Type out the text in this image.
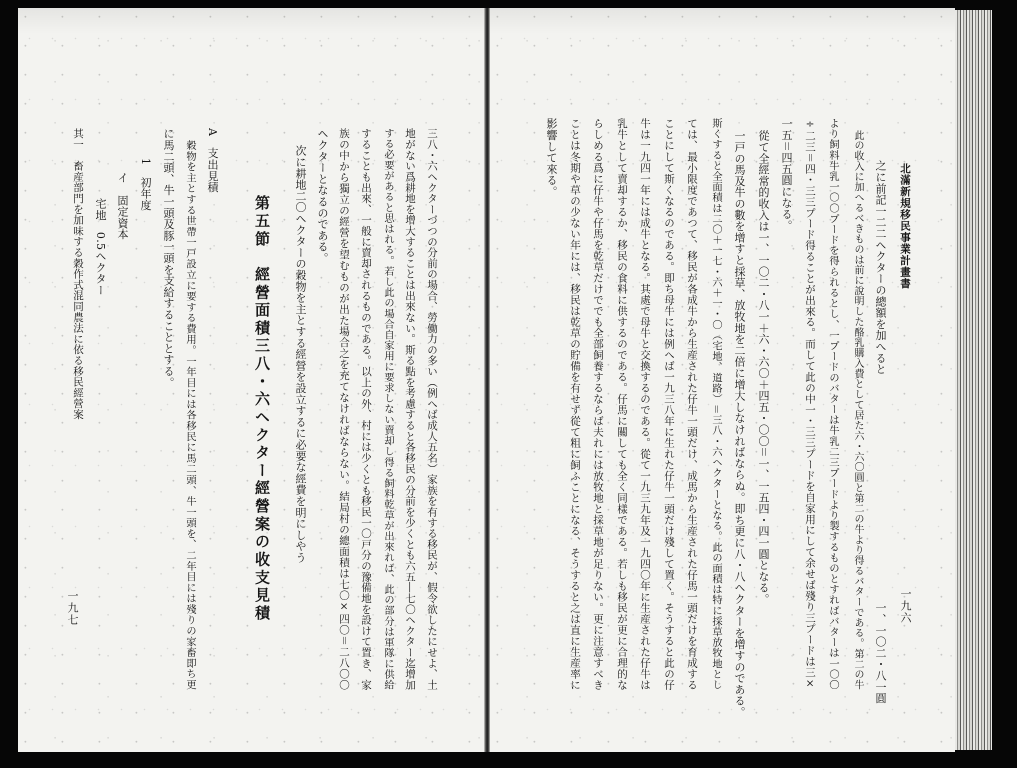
三八・六ヘクターづつの分前の場合、勞働力の多い（例へば成人五名）家族を有する移民が、假令欲したにせよ、土
地がない爲耕地を增大することは出來ない。斯る點を考慮すると各移民の分前を少くとも六五―七〇ヘクター迄增加
する必要があると思はれる。若し此の場合自家用に要求しない賣却し得る飼料乾草が出來れば、此の部分は軍隊に供給
することも出來、一般に賣却されるものである。以上の外、村には少くとも移民一〇戸分の豫備地を設けて置き、家
族の中から獨立の經營を望むものが出た場合之を充てなければならない。結局村の總面積は七〇×四〇＝二八〇〇
ヘクターとなるのである。
次に耕地二〇ヘクターの穀物を主とする經營を設立するに必要な經費を明にしやう
第五節　經營面積三八・六ヘクター經營案の收支見積
A　支出見積
穀物を主とする世帶一戸設立に要する費用。一年目には各移民に馬二頭、牛一頭を、二年目には殘りの家畜即ち更
に馬二頭、牛一頭及豚一頭を支給することとする。
1　初年度
イ　固定資本
宅地　0.5ヘクター
其一　畜産部門を加味する穀作式混同農法に依る移民經營案
一九七
北滿新規移民事業計畫書
一九六
之に前記一二二ヘクターの總額を加へると
一、一〇二・八一圓
此の收入に加へるべきものは前に說明した酪乳購入費として居た六・六〇圓と第二の牛より得るバターである。第二の牛
より飼料牛乳一〇〇プードを得られるとし、一プードのバターは牛乳二三プードより製するものとすればバターは一〇〇
÷二三＝四・三三プード得ることが出來る。而して此の中一・三三プードを自家用にして余せば殘り三プードは三×
一五＝四五圓になる。
從て全經常的收入は一、一〇二・八一＋六・六〇＋四五・〇〇＝一、一五四・四一圓となる。
一戸の馬及牛の數を增すと採草、放牧地を二倍に增大しなければならぬ。即ち更に八・八ヘクターを增すのである。
斯くすると全面積は二〇＋一七・六＋一・〇（宅地、道路）＝三八・六ヘクターとなる。此の面積は特に採草放牧地とし
ては、最小限度であつて、移民が各成牛から生産された仔牛一頭だけ、成馬から生産された仔馬一頭だけを育成する
ことにして斯くなるのである。即ち母牛には例へば一九三八年に生れた仔牛一頭だけ殘して置く。そうすると此の仔
牛は一九四一年には成牛となる。其處で母牛と交換するのである。從て一九三九年及一九四〇年に生産された仔牛は
乳牛として賣却するか、移民の食料に供するのである。仔馬に關しても全く同樣である。若しも移民が更に合理的な
らしめる爲に仔牛や仔馬を乾草だけででも全部飼養するならば夫れには放牧地と採草地が足りない。更に注意すべき
ことは冬期や草の少ない年には、移民は乾草の貯備を有せず從て粗に飼ふことになる、そうすると之は直に生産率に
影響して來る。
